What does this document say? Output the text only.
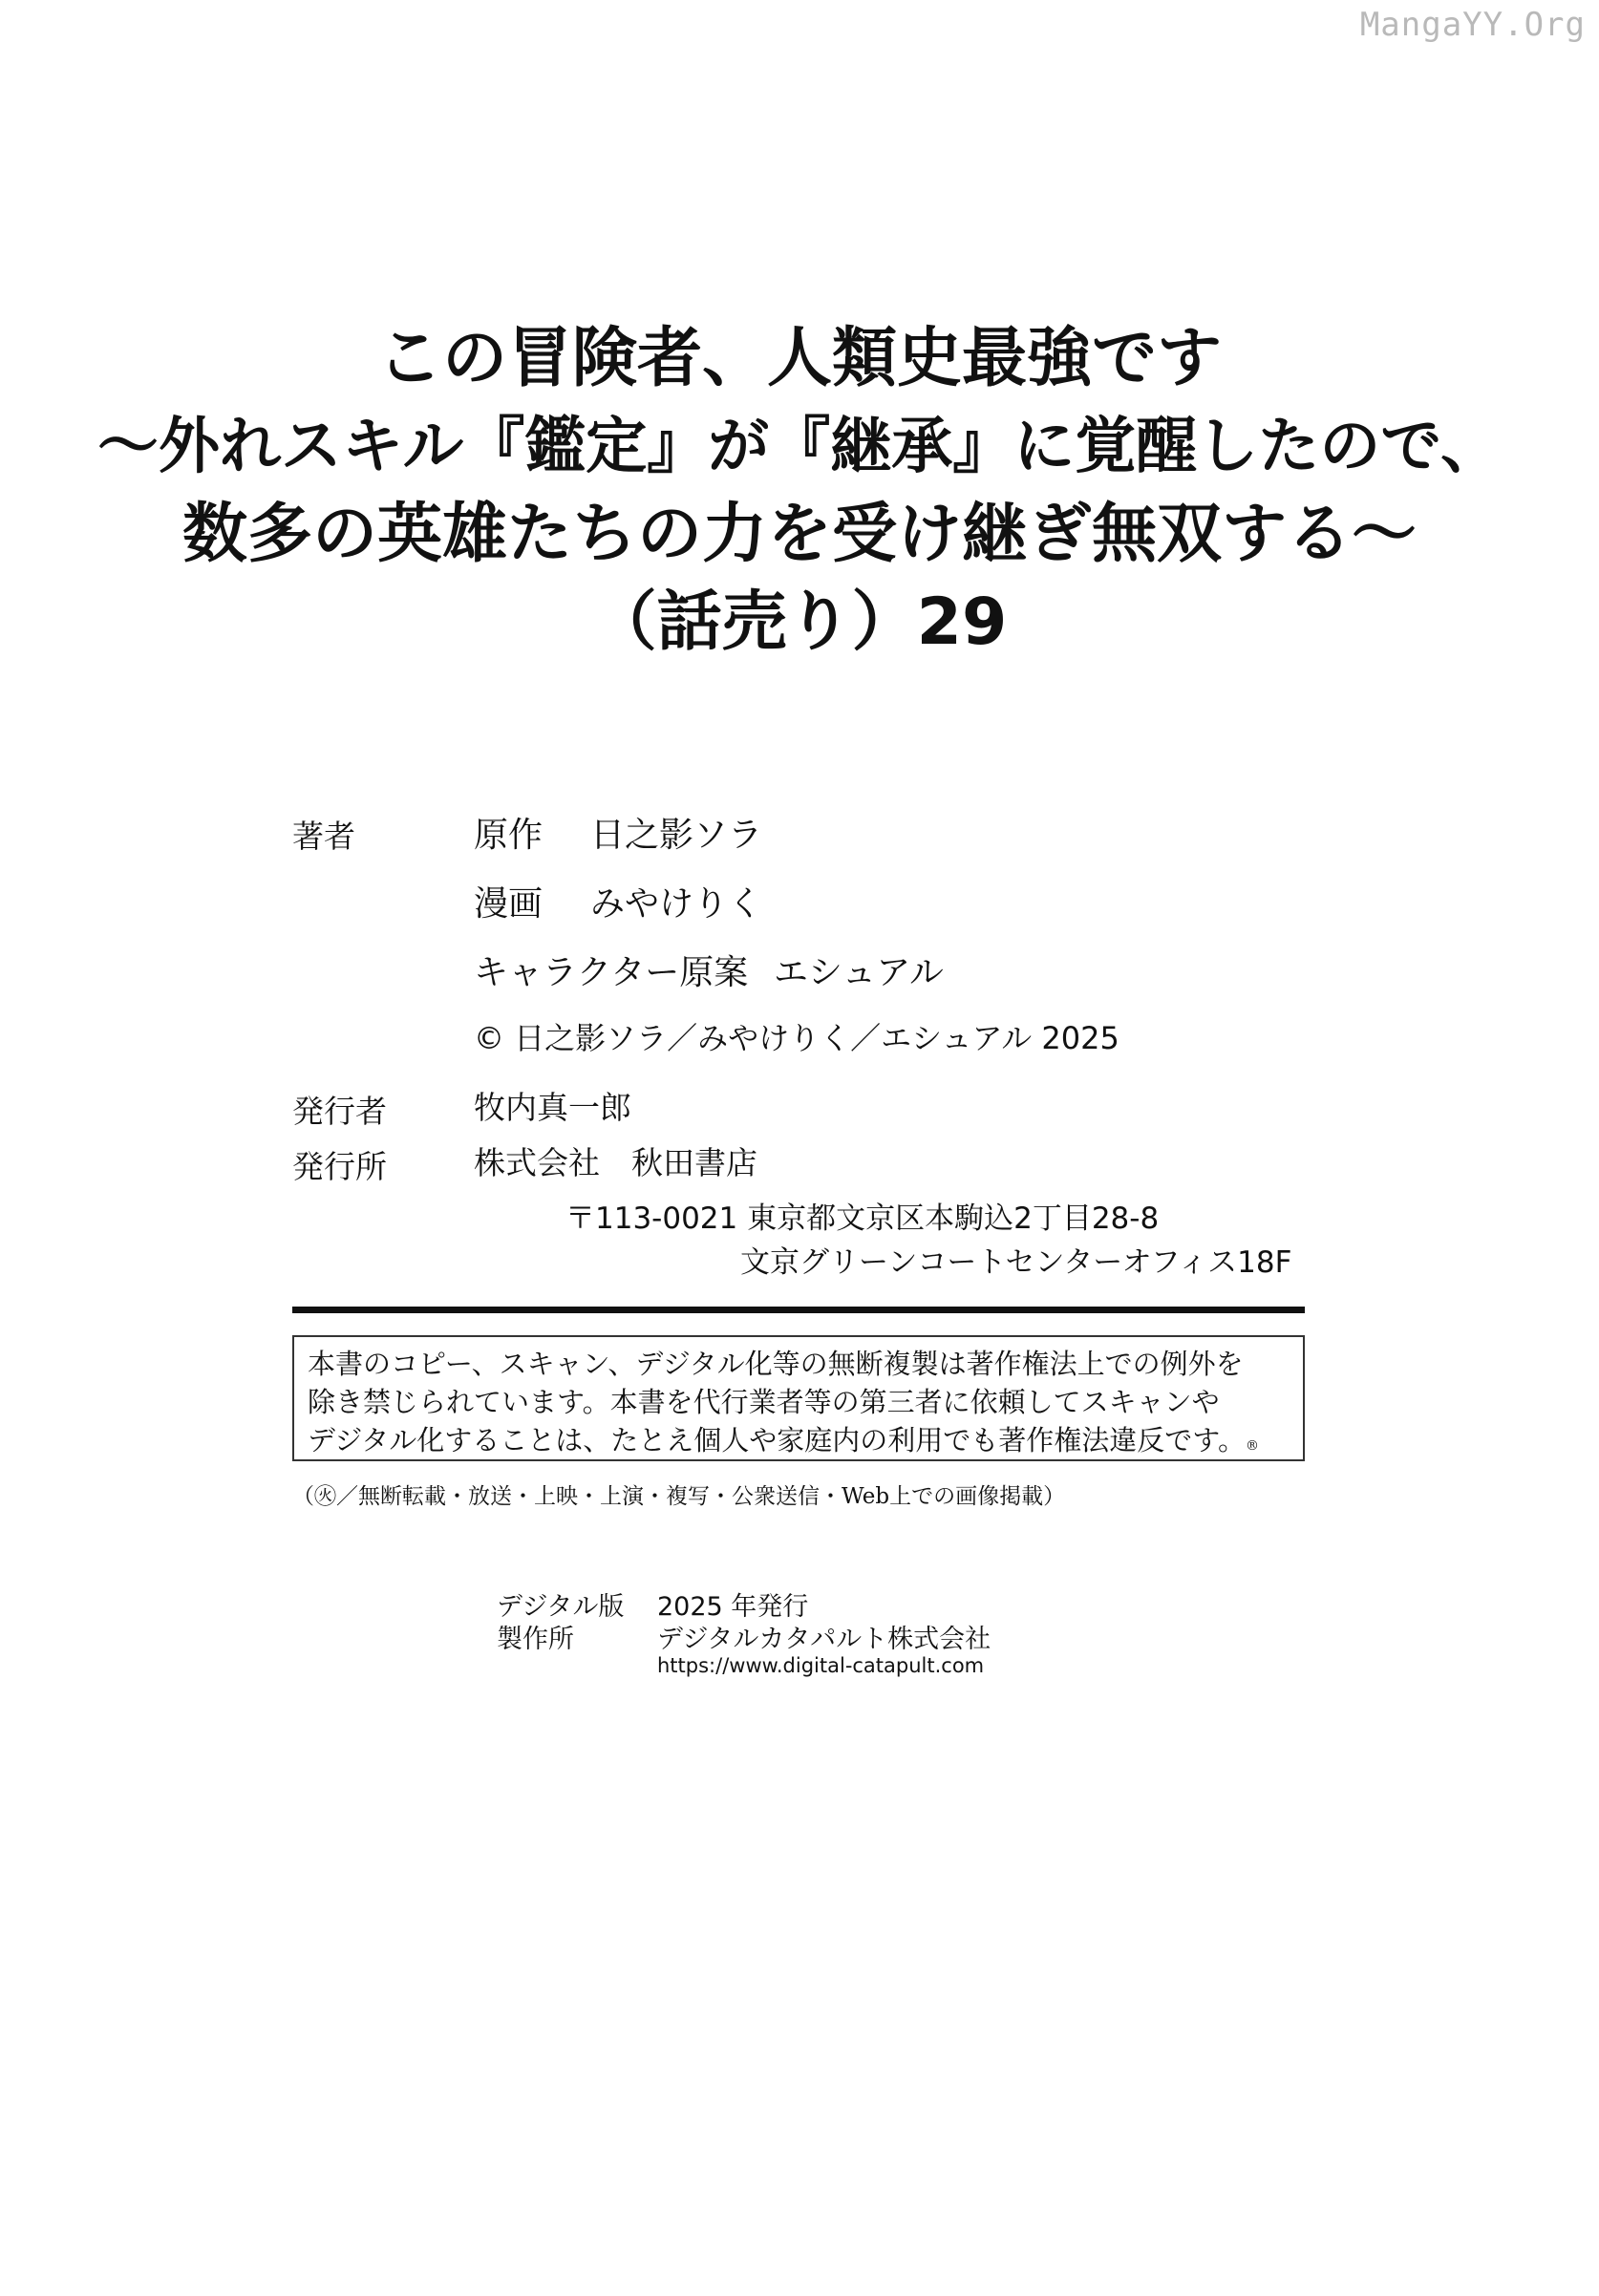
MangaYY.Org
この冒険者、人類史最強です
〜外れスキル『鑑定』が『継承』に覚醒したので、
数多の英雄たちの力を受け継ぎ無双する〜
（話売り）29
著者	原作 日之影ソラ
漫画 みやけりく
キャラクター原案 エシュアル
© 日之影ソラ／みやけりく／エシュアル 2025
発行者	牧内真一郎
発行所	株式会社　秋田書店
〒113-0021 東京都文京区本駒込2丁目28-8
文京グリーンコートセンターオフィス18F
本書のコピー、スキャン、デジタル化等の無断複製は著作権法上での例外を
除き禁じられています。本書を代行業者等の第三者に依頼してスキャンや
デジタル化することは、たとえ個人や家庭内の利用でも著作権法違反です。®
（㊋／無断転載・放送・上映・上演・複写・公衆送信・Web上での画像掲載）
デジタル版 2025 年発行
製作所	デジタルカタパルト株式会社
https://www.digital-catapult.com
